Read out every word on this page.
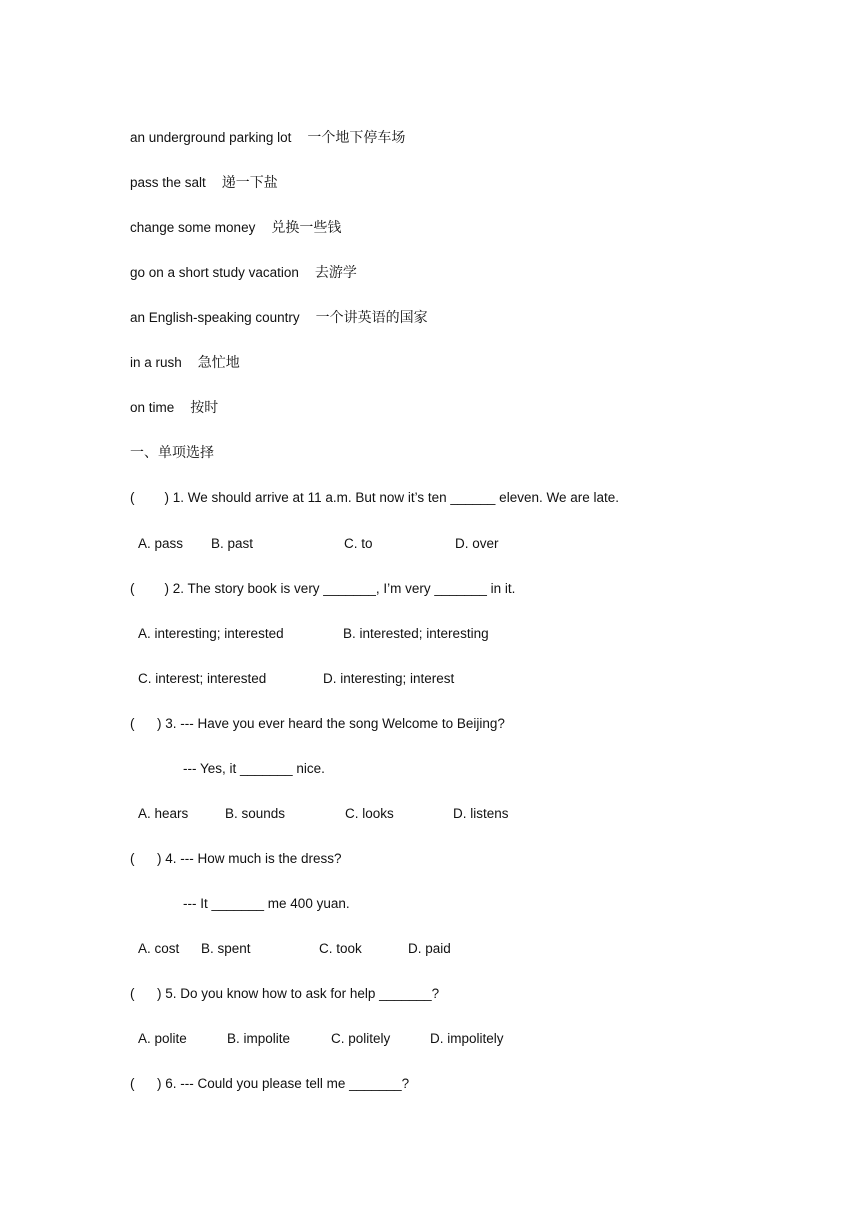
an underground parking lot 一个地下停车场
pass the salt 递一下盐
change some money 兑换一些钱
go on a short study vacation 去游学
an English-speaking country 一个讲英语的国家
in a rush 急忙地
on time 按时
一、单项选择
(        ) 1. We should arrive at 11 a.m. But now it’s ten ______ eleven. We are late.

A. pass

B. past

	C. to

	D. over

(        ) 2. The story book is very _______, I’m very _______ in it.

A. interesting; interested

	B. interested; interesting

C. interest; interested

	D. interesting; interest

(      ) 3. --- Have you ever heard the song Welcome to Beijing?
--- Yes, it _______ nice.

A. hears

	B. sounds

	C. looks

	D. listens

(      ) 4. --- How much is the dress?
--- It _______ me 400 yuan.

A. cost

B. spent

	C. took

	D. paid

(      ) 5. Do you know how to ask for help _______?

A. polite

	B. impolite

	C. politely

	D. impolitely

(      ) 6. --- Could you please tell me _______?
